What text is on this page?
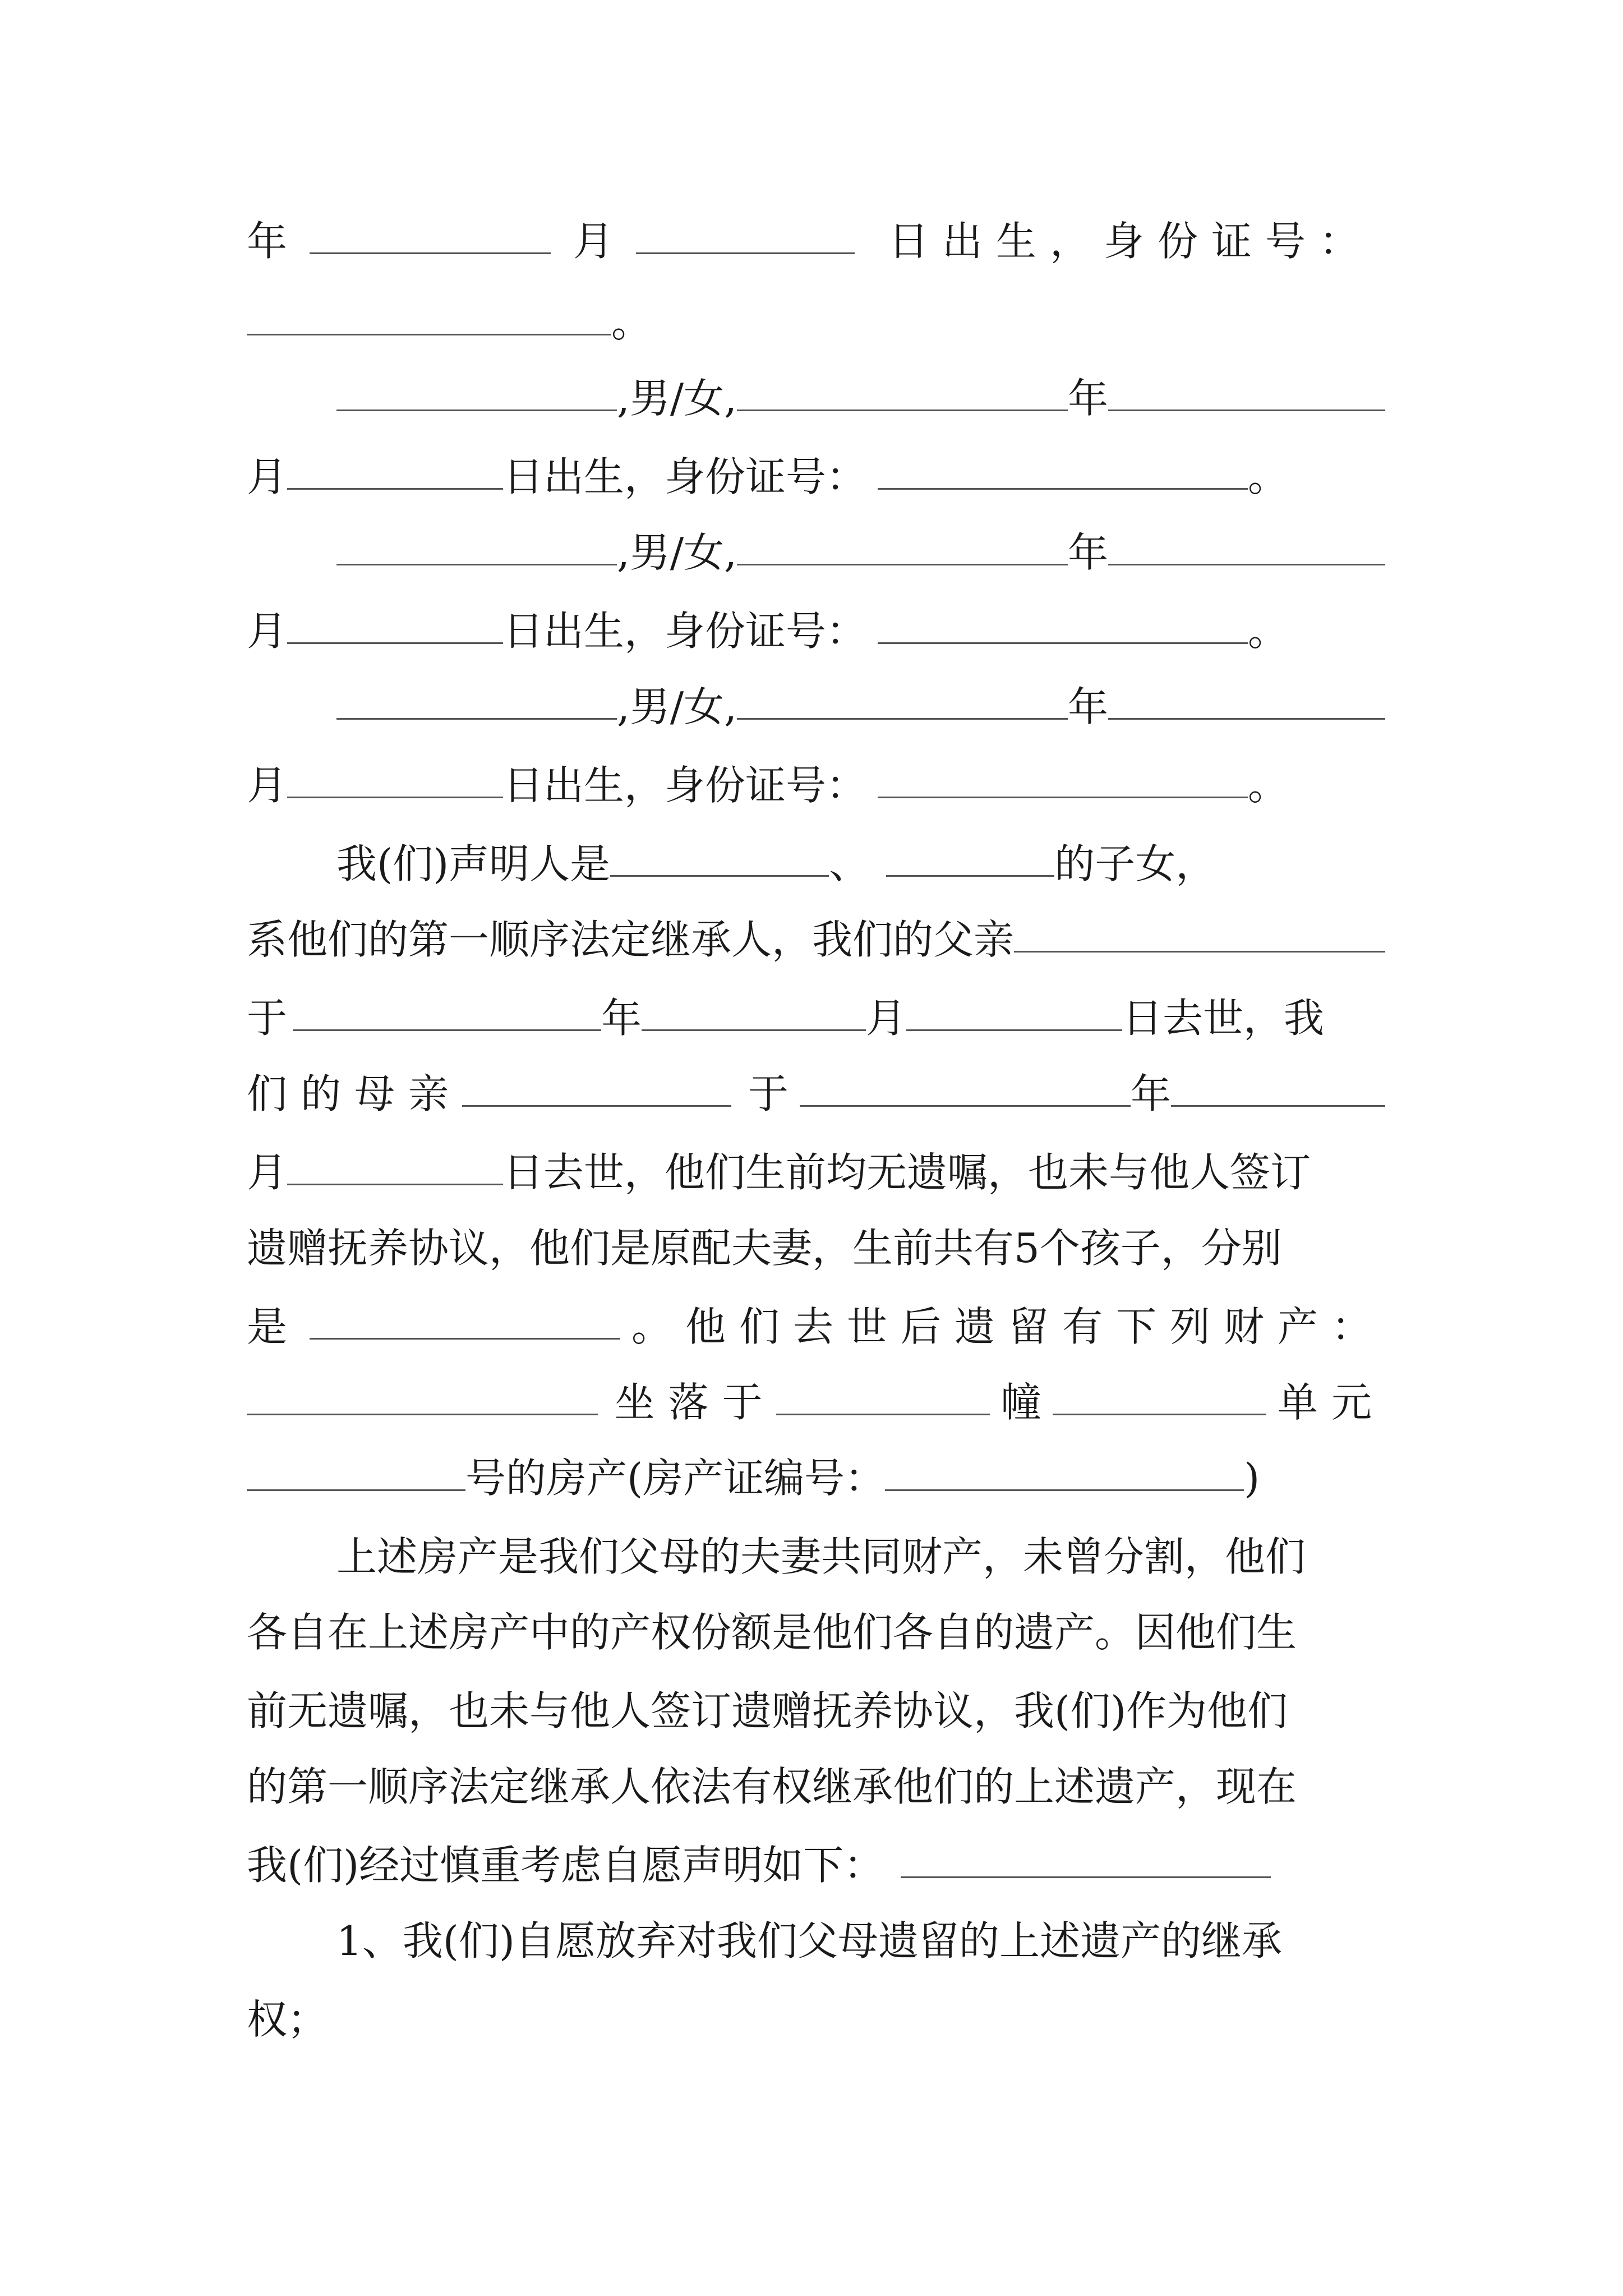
年	月	日出生，身份证号：
。
,男/女,	年
月	日出生，身份证号：	。
,男/女,	年
月	日出生，身份证号：	。
,男/女,	年
月	日出生，身份证号：	。
我(们)声明人是	、	的子女，
系他们的第一顺序法定继承人，我们的父亲
于	年	月	日去世，我
们的母亲	于	年
月	日去世，他们生前均无遗嘱，也未与他人签订
遗赠抚养协议，他们是原配夫妻，生前共有5个孩子，分别
是	。他们去世后遗留有下列财产：
坐落于	幢	单元
号的房产(房产证编号：	)
上述房产是我们父母的夫妻共同财产，未曾分割，他们
各自在上述房产中的产权份额是他们各自的遗产。因他们生
前无遗嘱，也未与他人签订遗赠抚养协议，我(们)作为他们
的第一顺序法定继承人依法有权继承他们的上述遗产，现在
我(们)经过慎重考虑自愿声明如下：
1、我(们)自愿放弃对我们父母遗留的上述遗产的继承
权；
